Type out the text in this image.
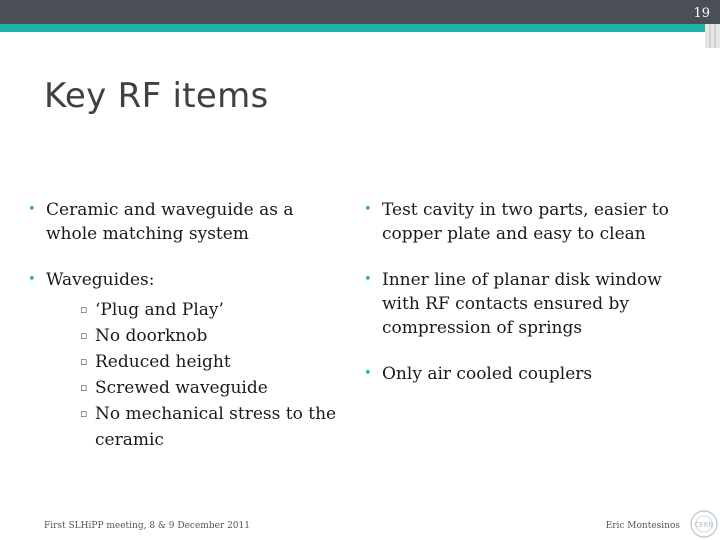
19
Key RF items
• Ceramic and waveguide as a whole matching system
• Waveguides:
▫ ‘Plug and Play’
▫ No doorknob
▫ Reduced height
▫ Screwed waveguide
▫ No mechanical stress to the ceramic
• Test cavity in two parts, easier to copper plate and easy to clean
• Inner line of planar disk window with RF contacts ensured by compression of springs
• Only air cooled couplers
First SLHiPP meeting, 8 & 9 December 2011	Eric Montesinos CERN
